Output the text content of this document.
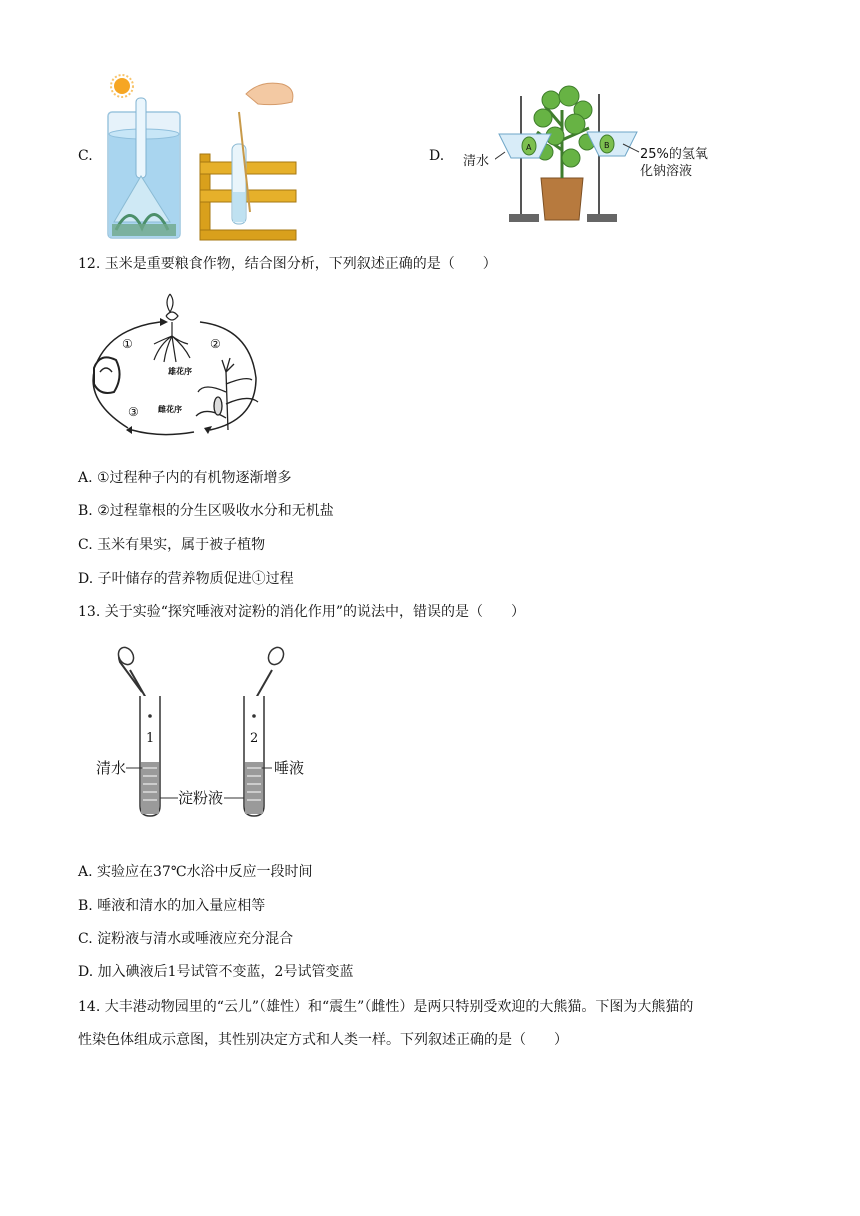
C.	D.
A	B
清水	25%的氢氧
化钠溶液
12. 玉米是重要粮食作物，结合图分析，下列叙述正确的是（　　）
①	②
③
雄花序
雌花序
A. ①过程种子内的有机物逐渐增多
B. ②过程靠根的分生区吸收水分和无机盐
C. 玉米有果实，属于被子植物
D. 子叶储存的营养物质促进①过程
13. 关于实验“探究唾液对淀粉的消化作用”的说法中，错误的是（　　）
1	2
清水	唾液
淀粉液
A. 实验应在37℃水浴中反应一段时间
B. 唾液和清水的加入量应相等
C. 淀粉液与清水或唾液应充分混合
D. 加入碘液后1号试管不变蓝，2号试管变蓝
14. 大丰港动物园里的“云儿”（雄性）和“震生”（雌性）是两只特别受欢迎的大熊猫。下图为大熊猫的
性染色体组成示意图，其性别决定方式和人类一样。下列叙述正确的是（　　）
